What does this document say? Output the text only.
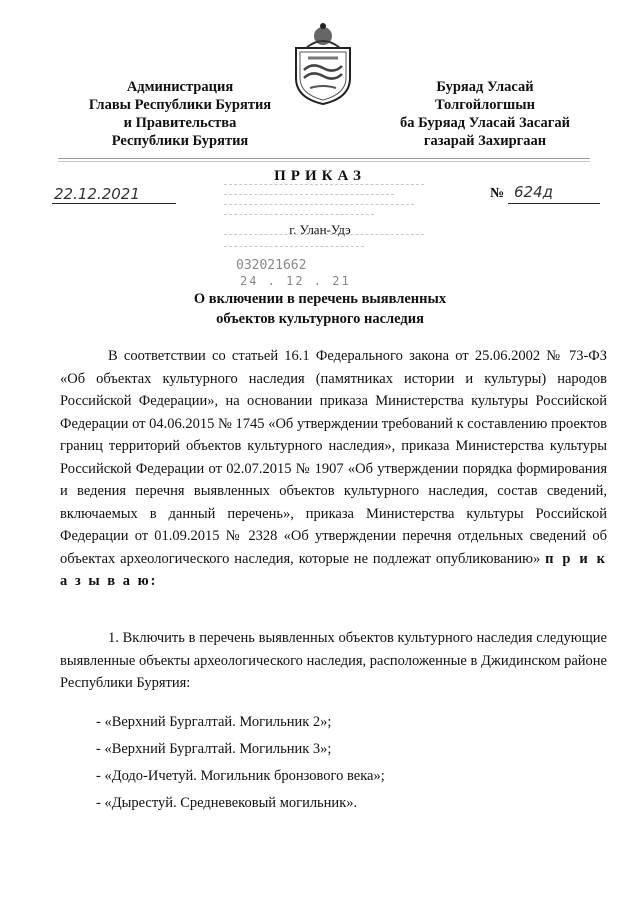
Администрация
Главы Республики Бурятия
и Правительства
Республики Бурятия
Буряад Уласай
Толгойлогшын
ба Буряад Уласай Засагай
газарай Захиргаан
032021662
24 . 12 . 21
ПРИКАЗ
22.12.2021	№ 624д
г. Улан-Удэ
О включении в перечень выявленных
объектов культурного наследия
В соответствии со статьей 16.1 Федерального закона от 25.06.2002 № 73-ФЗ «Об объектах культурного наследия (памятниках истории и культуры) народов Российской Федерации», на основании приказа Министерства культуры Российской Федерации от 04.06.2015 № 1745 «Об утверждении требований к составлению проектов границ территорий объектов культурного наследия», приказа Министерства культуры Российской Федерации от 02.07.2015 № 1907 «Об утверждении порядка формирования и ведения перечня выявленных объектов культурного наследия, состав сведений, включаемых в данный перечень», приказа Министерства культуры Российской Федерации от 01.09.2015 № 2328 «Об утверждении перечня отдельных сведений об объектах археологического наследия, которые не подлежат опубликованию» п р и к а з ы в а ю:
1. Включить в перечень выявленных объектов культурного наследия следующие выявленные объекты археологического наследия, расположенные в Джидинском районе Республики Бурятия:
- «Верхний Бургалтай. Могильник 2»;
- «Верхний Бургалтай. Могильник 3»;
- «Додо-Ичетуй. Могильник бронзового века»;
- «Дырестуй. Средневековый могильник».
